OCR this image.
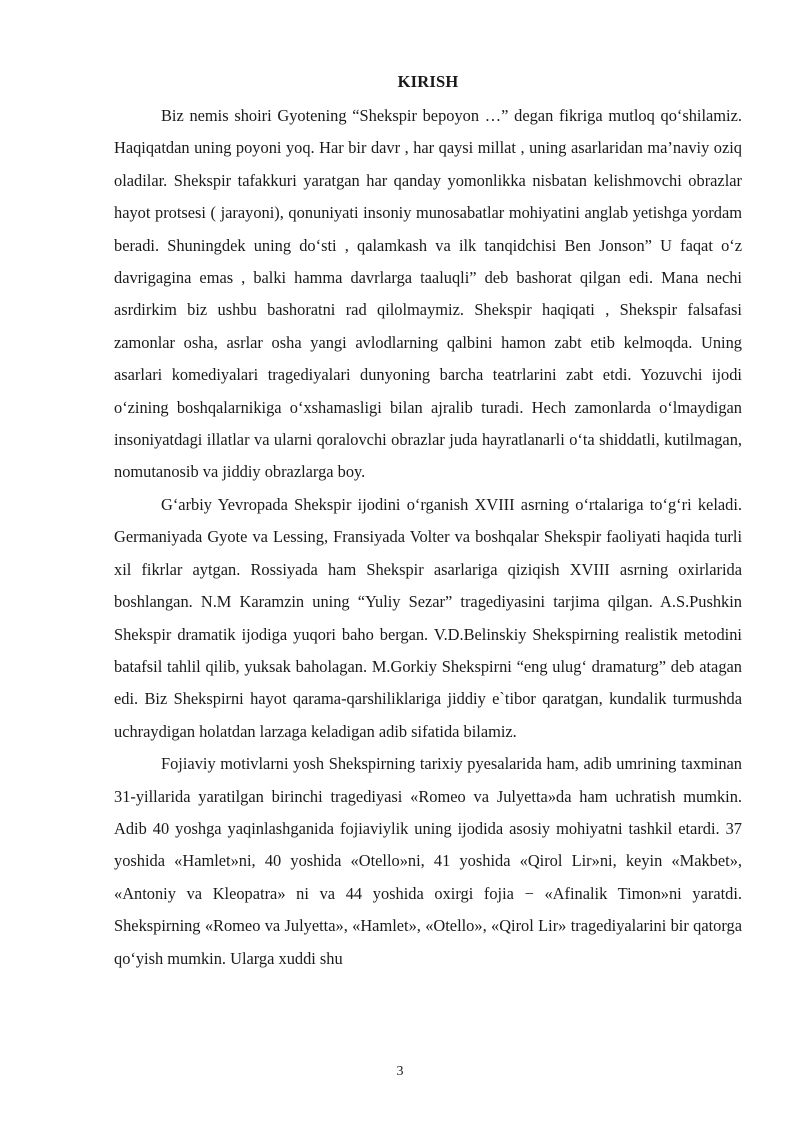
KIRISH

Biz nemis shoiri Gyotening “Shekspir bepoyon …” degan fikriga mutloq qo‘shilamiz. Haqiqatdan uning poyoni yoq. Har bir davr , har qaysi millat , uning asarlaridan ma’naviy oziq oladilar. Shekspir tafakkuri yaratgan har qanday yomonlikka nisbatan kelishmovchi obrazlar hayot protsesi ( jarayoni), qonuniyati insoniy munosabatlar mohiyatini anglab yetishga yordam beradi. Shuningdek uning do‘sti , qalamkash va ilk tanqidchisi Ben Jonson” U faqat o‘z davrigagina emas , balki hamma davrlarga taaluqli” deb bashorat qilgan edi. Mana nechi asrdirkim biz ushbu bashoratni rad qilolmaymiz. Shekspir haqiqati , Shekspir falsafasi zamonlar osha, asrlar osha yangi avlodlarning qalbini hamon zabt etib kelmoqda. Uning asarlari komediyalari tragediyalari dunyoning barcha teatrlarini zabt etdi. Yozuvchi ijodi o‘zining boshqalarnikiga o‘xshamasligi bilan ajralib turadi. Hech zamonlarda o‘lmaydigan insoniyatdagi illatlar va ularni qoralovchi obrazlar juda hayratlanarli o‘ta shiddatli, kutilmagan, nomutanosib va jiddiy obrazlarga boy.

G‘arbiy Yevropada Shekspir ijodini o‘rganish XVIII asrning o‘rtalariga to‘g‘ri keladi. Germaniyada Gyote va Lessing, Fransiyada Volter va boshqalar Shekspir faoliyati haqida turli xil fikrlar aytgan. Rossiyada ham Shekspir asarlariga qiziqish XVIII asrning oxirlarida boshlangan. N.M Karamzin uning “Yuliy Sezar” tragediyasini tarjima qilgan. A.S.Pushkin Shekspir dramatik ijodiga yuqori baho bergan. V.D.Belinskiy Shekspirning realistik metodini batafsil tahlil qilib, yuksak baholagan. M.Gorkiy Shekspirni “eng ulug‘ dramaturg” deb atagan edi. Biz Shekspirni hayot qarama-qarshiliklariga jiddiy e`tibor qaratgan, kundalik turmushda uchraydigan holatdan larzaga keladigan adib sifatida bilamiz.

Fojiaviy motivlarni yosh Shekspirning tarixiy pyesalarida ham, adib umrining taxminan 31-yillarida yaratilgan birinchi tragediyasi «Romeo va Julyetta»da ham uchratish mumkin. Adib 40 yoshga yaqinlashganida fojiaviylik uning ijodida asosiy mohiyatni tashkil etardi. 37 yoshida «Hamlet»ni, 40 yoshida «Otello»ni, 41 yoshida «Qirol Lir»ni, keyin «Makbet», «Antoniy va Kleopatra» ni va 44 yoshida oxirgi fojia − «Afinalik Timon»ni yaratdi. Shekspirning «Romeo va Julyetta», «Hamlet», «Otello», «Qirol Lir» tragediyalarini bir qatorga qo‘yish mumkin. Ularga xuddi shu

3
